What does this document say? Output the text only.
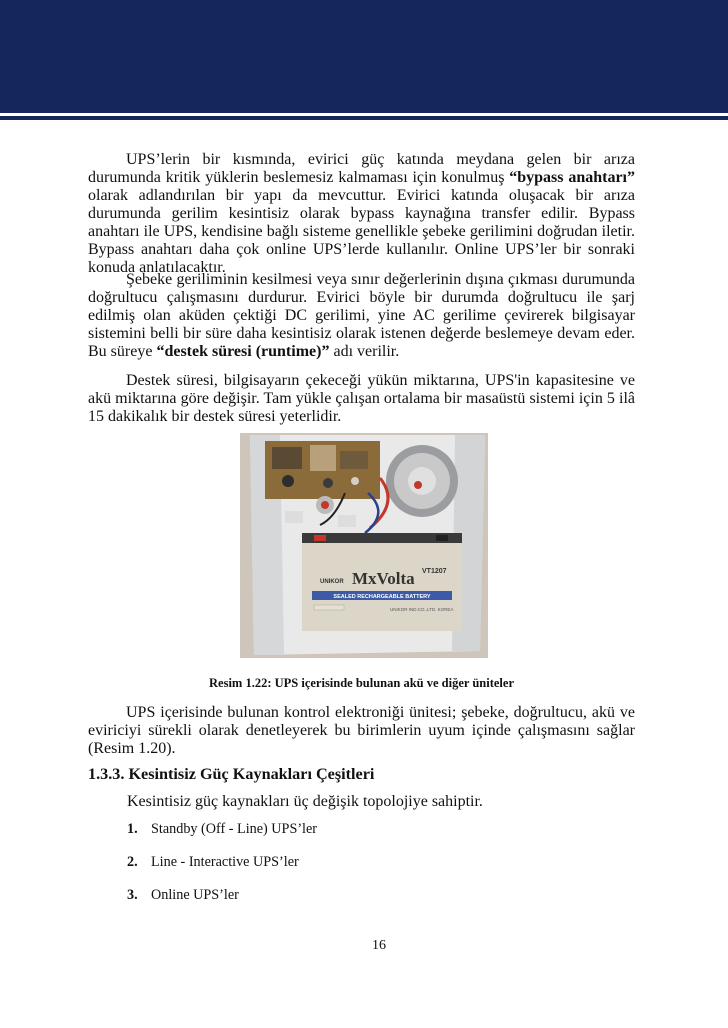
UPS’lerin bir kısmında, evirici güç katında meydana gelen bir arıza durumunda kritik yüklerin beslemesiz kalmaması için konulmuş “bypass anahtarı” olarak adlandırılan bir yapı da mevcuttur. Evirici katında oluşacak bir arıza durumunda gerilim kesintisiz olarak bypass kaynağına transfer edilir. Bypass anahtarı ile UPS, kendisine bağlı sisteme genellikle şebeke gerilimini doğrudan iletir. Bypass anahtarı daha çok online UPS’lerde kullanılır. Online UPS’ler bir sonraki konuda anlatılacaktır.

Şebeke geriliminin kesilmesi veya sınır değerlerinin dışına çıkması durumunda doğrultucu çalışmasını durdurur. Evirici böyle bir durumda doğrultucu ile şarj edilmiş olan aküden çektiği DC gerilimi, yine AC gerilime çevirerek bilgisayar sistemini belli bir süre daha kesintisiz olarak istenen değerde beslemeye devam eder. Bu süreye “destek süresi (runtime)” adı verilir.

Destek süresi, bilgisayarın çekeceği yükün miktarına, UPS'in kapasitesine ve akü miktarına göre değişir. Tam yükle çalışan ortalama bir masaüstü sistemi için 5 ilâ 15 dakikalık bir destek süresi yeterlidir.

SEALED RECHARGEABLE BATTERY
UNIKOR MxVolta VT1207
UNIKOR IND.CO.,LTD. KOREA
Resim 1.22: UPS içerisinde bulunan akü ve diğer üniteler

UPS içerisinde bulunan kontrol elektroniği ünitesi; şebeke, doğrultucu, akü ve eviriciyi sürekli olarak denetleyerek bu birimlerin uyum içinde çalışmasını sağlar (Resim 1.20).

1.3.3. Kesintisiz Güç Kaynakları Çeşitleri

Kesintisiz güç kaynakları üç değişik topolojiye sahiptir.

1. Standby (Off - Line) UPS’ler
2. Line - Interactive UPS’ler
3. Online UPS’ler
16
